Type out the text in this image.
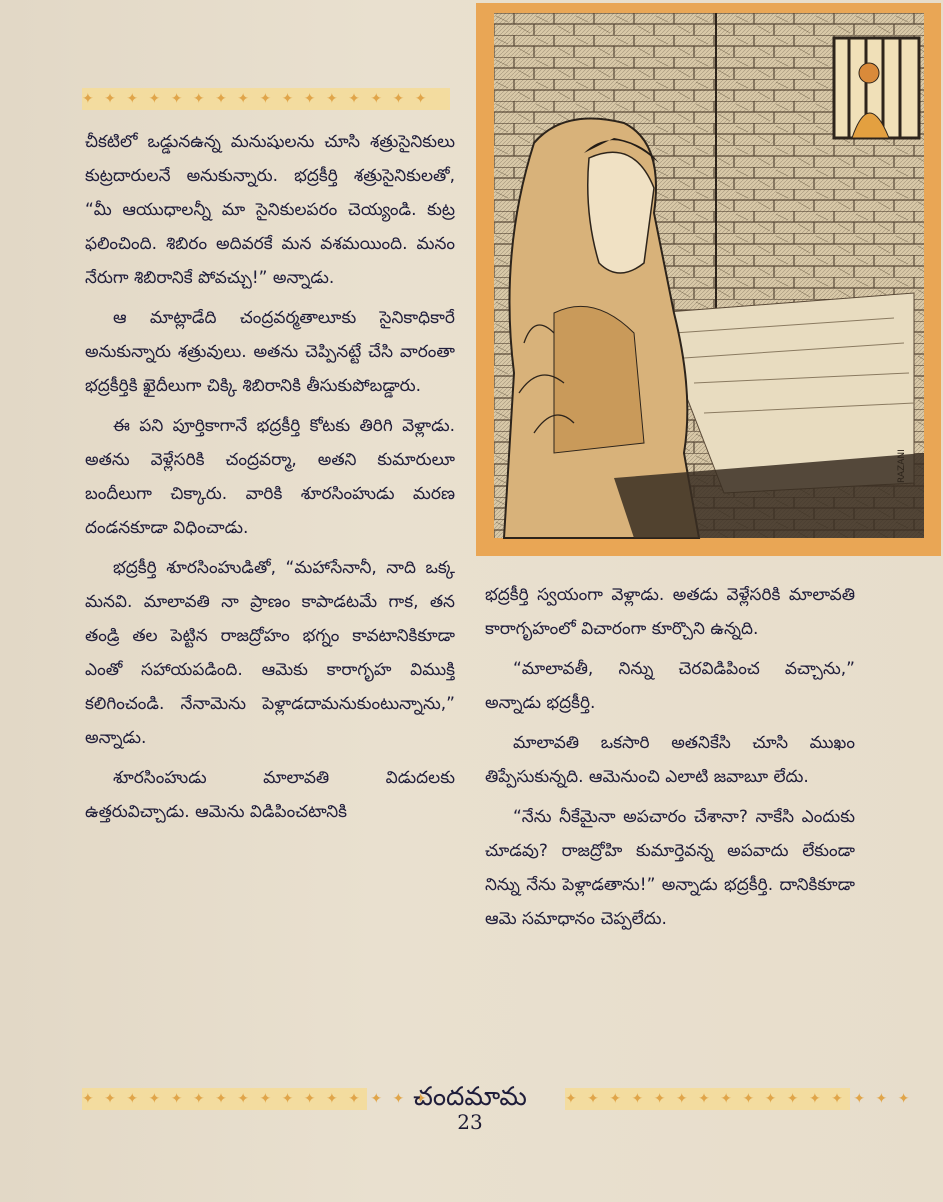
✦ ✦ ✦ ✦ ✦ ✦ ✦ ✦ ✦ ✦ ✦ ✦ ✦ ✦ ✦ ✦
RAZANI

చీకటిలో ఒడ్డునఉన్న మనుషులను చూసి శత్రుసైనికులు కుట్రదారులనే అనుకున్నారు. భద్రకీర్తి శత్రుసైనికులతో, “మీ ఆయుధాలన్నీ మా సైనికులపరం చెయ్యండి. కుట్ర ఫలించింది. శిబిరం అదివరకే మన వశమయింది. మనం నేరుగా శిబిరానికే పోవచ్చు!” అన్నాడు.

ఆ మాట్లాడేది చంద్రవర్మతాలూకు సైనికాధికారే అనుకున్నారు శత్రువులు. అతను చెప్పినట్టే చేసి వారంతా భద్రకీర్తికి ఖైదీలుగా చిక్కి శిబిరానికి తీసుకుపోబడ్డారు.

ఈ పని పూర్తికాగానే భద్రకీర్తి కోటకు తిరిగి వెళ్లాడు. అతను వెళ్లేసరికి చంద్రవర్మా, అతని కుమారులూ బందీలుగా చిక్కారు. వారికి శూరసింహుడు మరణ దండనకూడా విధించాడు.

భద్రకీర్తి శూరసింహుడితో, “మహాసేనానీ, నాది ఒక్క మనవి. మాలావతి నా ప్రాణం కాపాడటమే గాక, తన తండ్రి తల పెట్టిన రాజద్రోహం భగ్నం కావటానికికూడా ఎంతో సహాయపడింది. ఆమెకు కారాగృహ విముక్తి కలిగించండి. నేనామెను పెళ్లాడదామనుకుంటున్నాను,” అన్నాడు.

శూరసింహుడు మాలావతి విడుదలకు ఉత్తరువిచ్చాడు. ఆమెను విడిపించటానికి

భద్రకీర్తి స్వయంగా వెళ్లాడు. అతడు వెళ్లేసరికి మాలావతి కారాగృహంలో విచారంగా కూర్చొని ఉన్నది.

“మాలావతీ, నిన్ను చెరవిడిపించ వచ్చాను,” అన్నాడు భద్రకీర్తి.

మాలావతి ఒకసారి అతనికేసి చూసి ముఖం తిప్పేసుకున్నది. ఆమెనుంచి ఎలాటి జవాబూ లేదు.

“నేను నీకేమైనా అపచారం చేశానా? నాకేసి ఎందుకు చూడవు? రాజద్రోహి కుమార్తెవన్న అపవాదు లేకుండా నిన్ను నేను పెళ్లాడతాను!” అన్నాడు భద్రకీర్తి. దానికికూడా ఆమె సమాధానం చెప్పలేదు.

✦ ✦ ✦ ✦ ✦ ✦ ✦ ✦ ✦ ✦ ✦ ✦ ✦ ✦ ✦ ✦	✦ ✦ ✦ ✦ ✦ ✦ ✦ ✦ ✦ ✦ ✦ ✦ ✦ ✦ ✦ ✦
చందమామ
23
